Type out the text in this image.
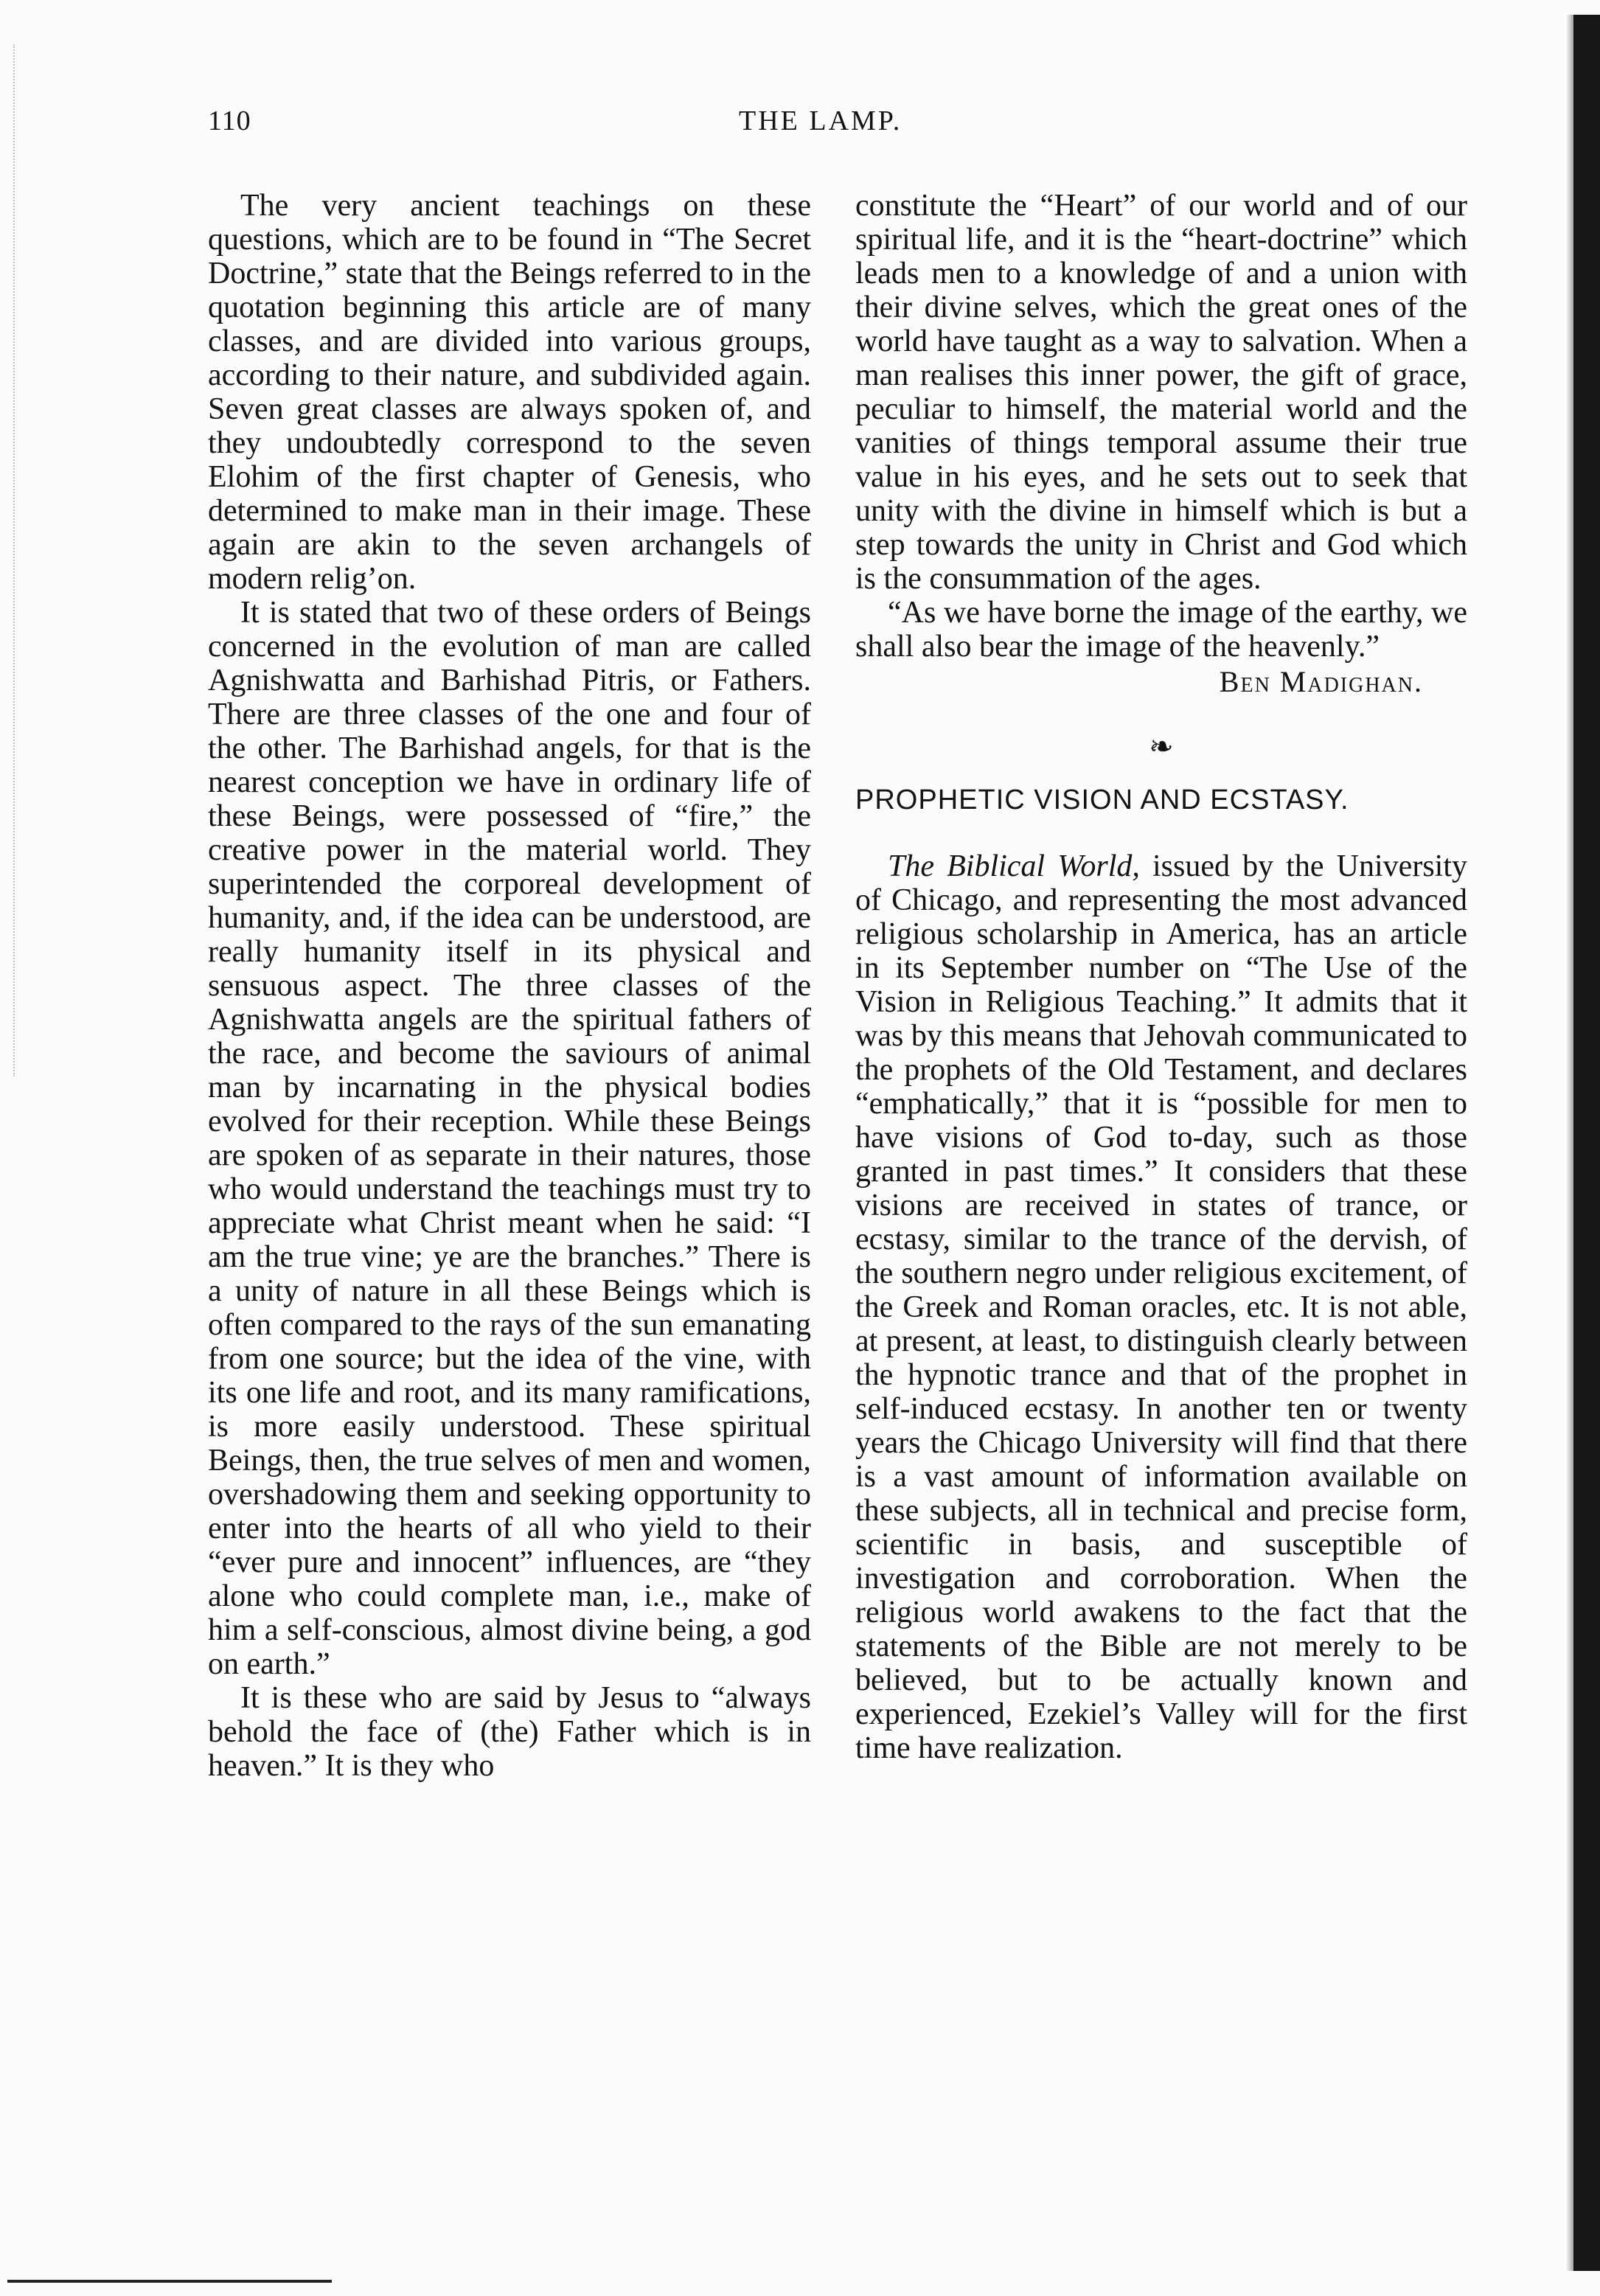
110	THE LAMP.

The very ancient teachings on these questions, which are to be found in “The Secret Doctrine,” state that the Beings referred to in the quotation beginning this article are of many classes, and are divided into various groups, according to their nature, and subdivided again. Seven great classes are always spoken of, and they undoubtedly correspond to the seven Elohim of the first chapter of Genesis, who determined to make man in their image. These again are akin to the seven archangels of modern relig’on.

It is stated that two of these orders of Beings concerned in the evolution of man are called Agnishwatta and Barhishad Pitris, or Fathers. There are three classes of the one and four of the other. The Barhishad angels, for that is the nearest conception we have in ordinary life of these Beings, were possessed of “fire,” the creative power in the material world. They superintended the corporeal development of humanity, and, if the idea can be understood, are really humanity itself in its physical and sensuous aspect. The three classes of the Agnishwatta angels are the spiritual fathers of the race, and become the saviours of animal man by incarnating in the physical bodies evolved for their reception. While these Beings are spoken of as separate in their natures, those who would understand the teachings must try to appreciate what Christ meant when he said: “I am the true vine; ye are the branches.” There is a unity of nature in all these Beings which is often compared to the rays of the sun emanating from one source; but the idea of the vine, with its one life and root, and its many ramifications, is more easily understood. These spiritual Beings, then, the true selves of men and women, overshadowing them and seeking opportunity to enter into the hearts of all who yield to their “ever pure and innocent” influences, are “they alone who could complete man, i.e., make of him a self-conscious, almost divine being, a god on earth.”

It is these who are said by Jesus to “always behold the face of (the) Father which is in heaven.” It is they who

constitute the “Heart” of our world and of our spiritual life, and it is the “heart-doctrine” which leads men to a knowledge of and a union with their divine selves, which the great ones of the world have taught as a way to salvation. When a man realises this inner power, the gift of grace, peculiar to himself, the material world and the vanities of things temporal assume their true value in his eyes, and he sets out to seek that unity with the divine in himself which is but a step towards the unity in Christ and God which is the consummation of the ages.

“As we have borne the image of the earthy, we shall also bear the image of the heavenly.”

Ben Madighan.
❧
PROPHETIC VISION AND ECSTASY.

The Biblical World, issued by the University of Chicago, and representing the most advanced religious scholarship in America, has an article in its September number on “The Use of the Vision in Religious Teaching.” It admits that it was by this means that Jehovah communicated to the prophets of the Old Testament, and declares “emphatically,” that it is “possible for men to have visions of God to-day, such as those granted in past times.” It considers that these visions are received in states of trance, or ecstasy, similar to the trance of the dervish, of the southern negro under religious excitement, of the Greek and Roman oracles, etc. It is not able, at present, at least, to distinguish clearly between the hypnotic trance and that of the prophet in self-induced ecstasy. In another ten or twenty years the Chicago University will find that there is a vast amount of information available on these subjects, all in technical and precise form, scientific in basis, and susceptible of investigation and corroboration. When the religious world awakens to the fact that the statements of the Bible are not merely to be believed, but to be actually known and experienced, Ezekiel’s Valley will for the first time have realization.
